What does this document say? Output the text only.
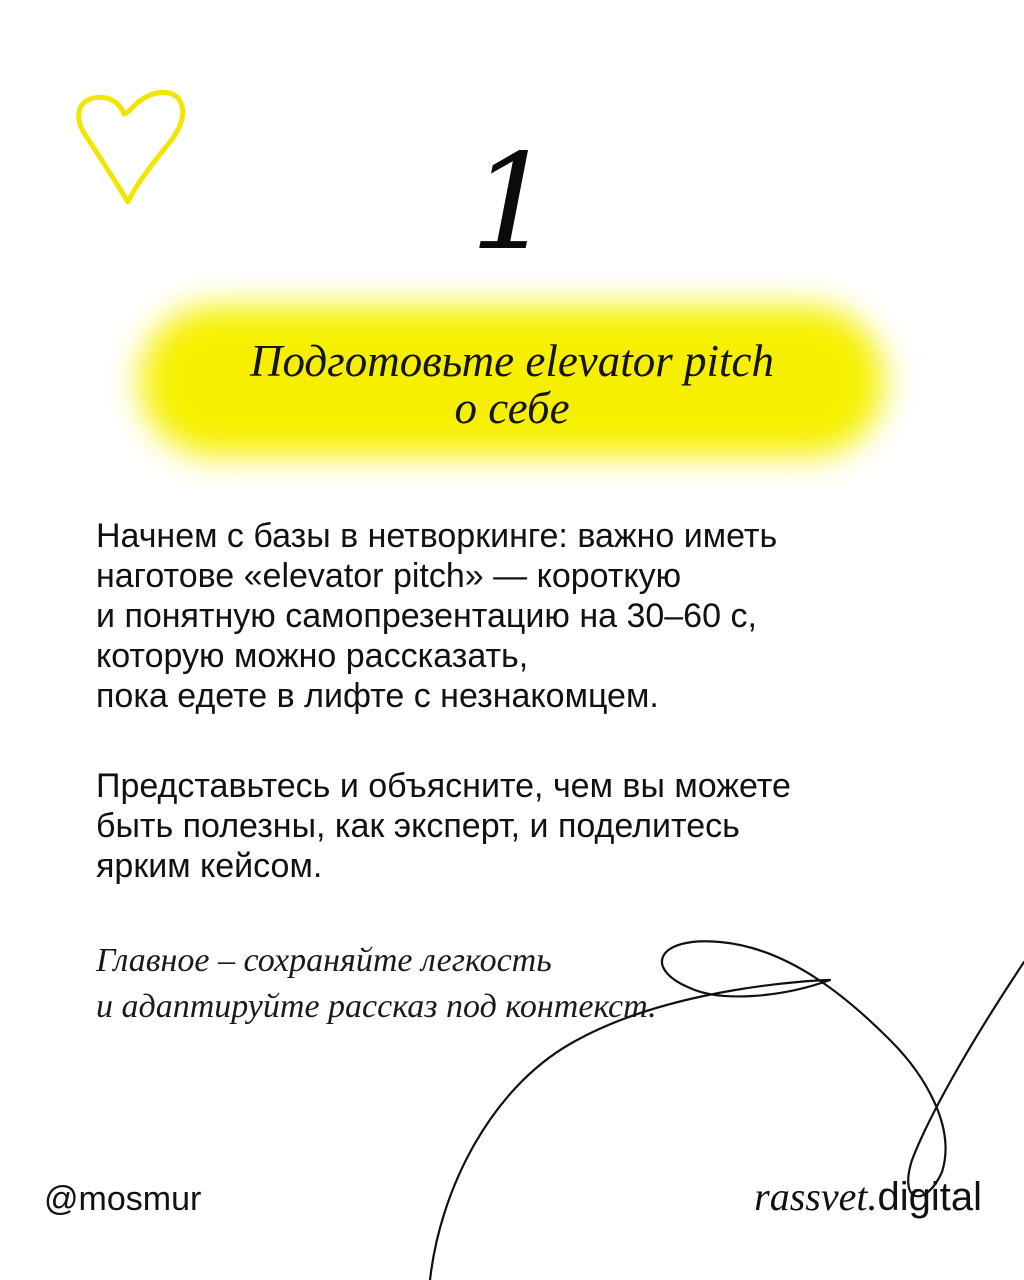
1
Подготовьте elevator pitch
о себе
Начнем с базы в нетворкинге: важно иметь
наготове «elevator pitch» — короткую
и понятную самопрезентацию на 30–60 с,
которую можно рассказать,
пока едете в лифте с незнакомцем.
Представьтесь и объясните, чем вы можете
быть полезны, как эксперт, и поделитесь
ярким кейсом.
Главное – сохраняйте легкость
и адаптируйте рассказ под контекст.
@mosmur	rassvet.digital
